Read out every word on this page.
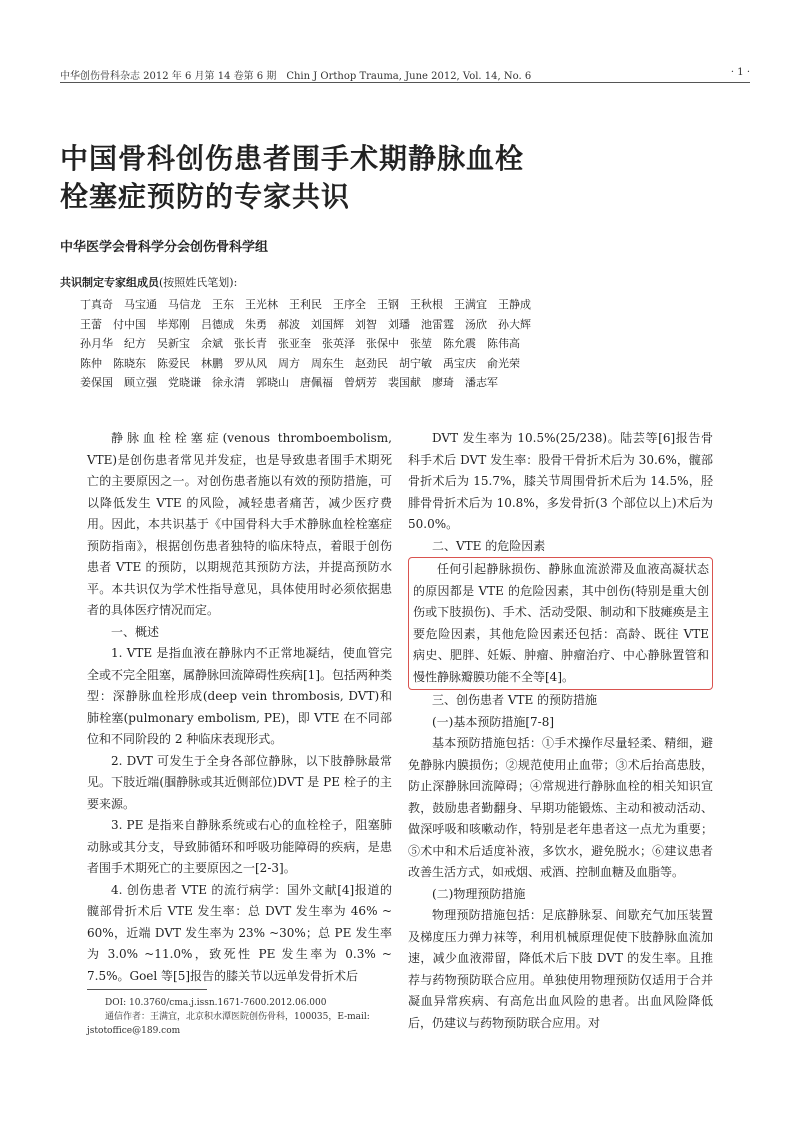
中华创伤骨科杂志 2012 年 6 月第 14 卷第 6 期　Chin J Orthop Trauma, June 2012, Vol. 14, No. 6	· 1 ·
中国骨科创伤患者围手术期静脉血栓
栓塞症预防的专家共识
中华医学会骨科学分会创伤骨科学组
共识制定专家组成员(按照姓氏笔划):
丁真奇 马宝通 马信龙 王东 王光林 王利民 王序全 王钢 王秋根 王满宜 王静成
王蕾 付中国 毕郑刚 吕德成 朱勇 郝波 刘国辉 刘智 刘璠 池雷霆 汤欣 孙大辉
孙月华 纪方 吴新宝 余斌 张长青 张亚奎 张英泽 张保中 张堃 陈允震 陈伟高
陈仲 陈晓东 陈爱民 林鹏 罗从风 周方 周东生 赵劲民 胡宁敏 禹宝庆 俞光荣
姜保国 顾立强 党晓谦 徐永清 郭晓山 唐佩福 曾炳芳 裴国献 廖琦 潘志军

静脉血栓栓塞症(venous thromboembolism, VTE)是创伤患者常见并发症，也是导致患者围手术期死亡的主要原因之一。对创伤患者施以有效的预防措施，可以降低发生 VTE 的风险，减轻患者痛苦，减少医疗费用。因此，本共识基于《中国骨科大手术静脉血栓栓塞症预防指南》，根据创伤患者独特的临床特点，着眼于创伤患者 VTE 的预防，以期规范其预防方法，并提高预防水平。本共识仅为学术性指导意见，具体使用时必须依据患者的具体医疗情况而定。

一、概述

1. VTE 是指血液在静脉内不正常地凝结，使血管完全或不完全阻塞，属静脉回流障碍性疾病[1]。包括两种类型：深静脉血栓形成(deep vein thrombosis, DVT)和肺栓塞(pulmonary embolism, PE)，即 VTE 在不同部位和不同阶段的 2 种临床表现形式。

2. DVT 可发生于全身各部位静脉，以下肢静脉最常见。下肢近端(腘静脉或其近侧部位)DVT 是 PE 栓子的主要来源。

3. PE 是指来自静脉系统或右心的血栓栓子，阻塞肺动脉或其分支，导致肺循环和呼吸功能障碍的疾病，是患者围手术期死亡的主要原因之一[2-3]。

4. 创伤患者 VTE 的流行病学：国外文献[4]报道的髋部骨折术后 VTE 发生率：总 DVT 发生率为 46% ~ 60%，近端 DVT 发生率为 23% ~30%；总 PE 发生率为 3.0% ~11.0%，致死性 PE 发生率为 0.3% ~ 7.5%。Goel 等[5]报告的膝关节以远单发骨折术后

DVT 发生率为 10.5%(25/238)。陆芸等[6]报告骨科手术后 DVT 发生率：股骨干骨折术后为 30.6%，髋部骨折术后为 15.7%，膝关节周围骨折术后为 14.5%，胫腓骨骨折术后为 10.8%，多发骨折(3 个部位以上)术后为 50.0%。

二、VTE 的危险因素

任何引起静脉损伤、静脉血流淤滞及血液高凝状态的原因都是 VTE 的危险因素，其中创伤(特别是重大创伤或下肢损伤)、手术、活动受限、制动和下肢瘫痪是主要危险因素，其他危险因素还包括：高龄、既往 VTE 病史、肥胖、妊娠、肿瘤、肿瘤治疗、中心静脉置管和慢性静脉瓣膜功能不全等[4]。

三、创伤患者 VTE 的预防措施
(一)基本预防措施[7-8]

基本预防措施包括：①手术操作尽量轻柔、精细，避免静脉内膜损伤；②规范使用止血带；③术后抬高患肢，防止深静脉回流障碍；④常规进行静脉血栓的相关知识宣教，鼓励患者勤翻身、早期功能锻炼、主动和被动活动、做深呼吸和咳嗽动作，特别是老年患者这一点尤为重要；⑤术中和术后适度补液，多饮水，避免脱水；⑥建议患者改善生活方式，如戒烟、戒酒、控制血糖及血脂等。

(二)物理预防措施

物理预防措施包括：足底静脉泵、间歇充气加压装置及梯度压力弹力袜等，利用机械原理促使下肢静脉血流加速，减少血液滞留，降低术后下肢 DVT 的发生率。且推荐与药物预防联合应用。单独使用物理预防仅适用于合并凝血异常疾病、有高危出血风险的患者。出血风险降低后，仍建议与药物预防联合应用。对

DOI: 10.3760/cma.j.issn.1671-7600.2012.06.000
通信作者：王满宜，北京积水潭医院创伤骨科，100035，E-mail: jstotoffice@189.com
